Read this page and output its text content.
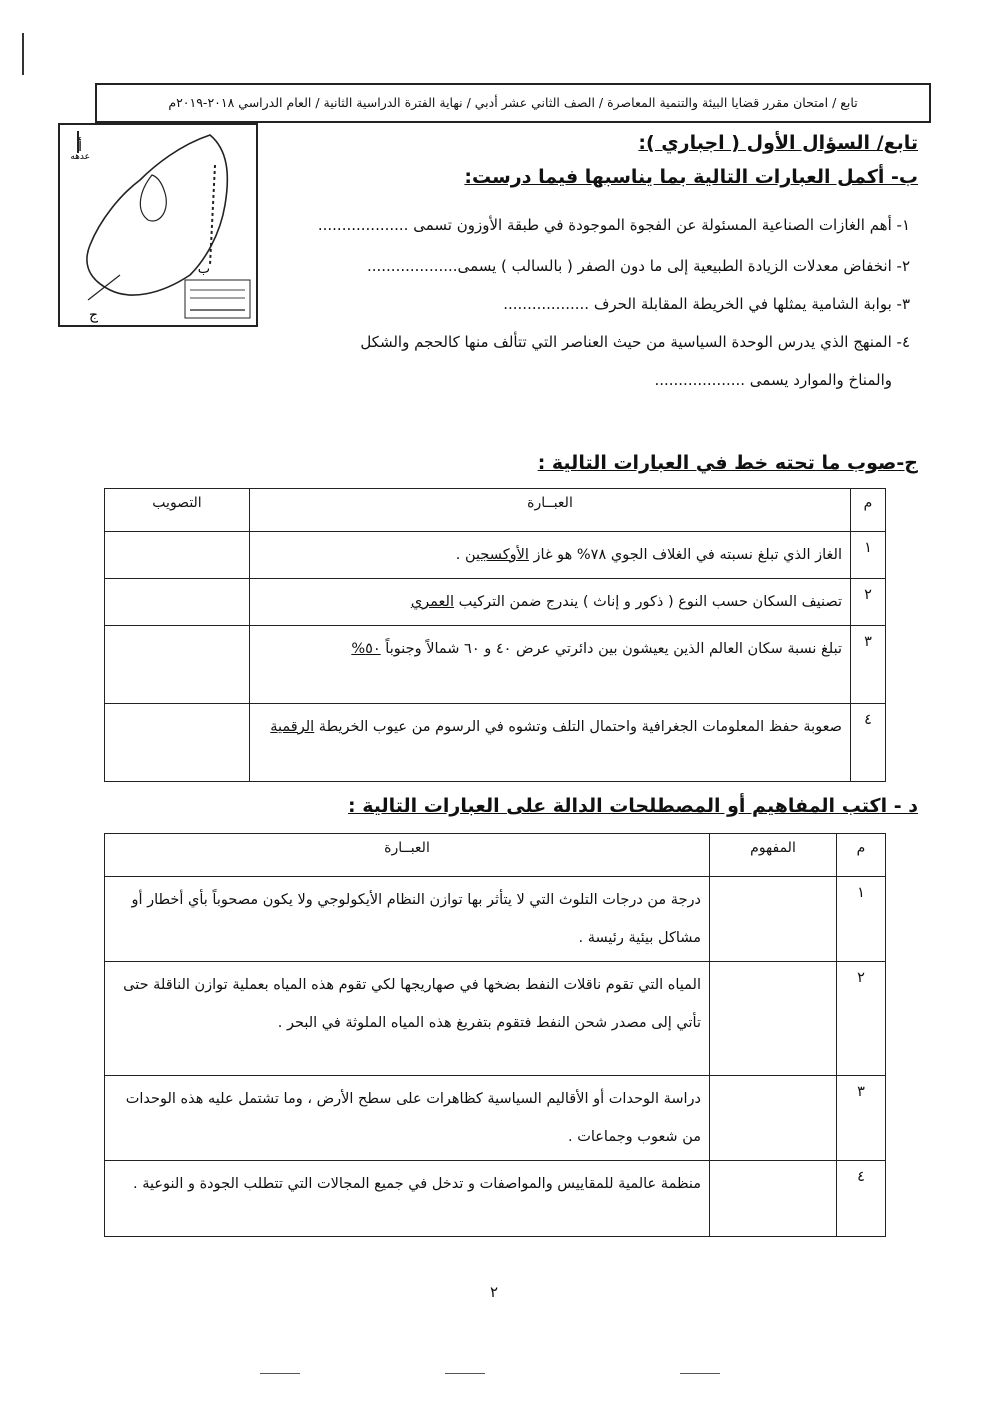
تابع / امتحان مقرر قضايا البيئة والتنمية المعاصرة / الصف الثاني عشر أدبي / نهاية الفترة الدراسية الثانية / العام الدراسي ٢٠١٨-٢٠١٩م
أ
عدهه
ب
ج
تابع/ السؤال الأول ( اجباري ):
ب- أكمل العبارات التالية بما يناسبها فيما درست:
١- أهم الغازات الصناعية المسئولة عن الفجوة الموجودة في طبقة الأوزون تسمى ...................
٢- انخفاض معدلات الزيادة الطبيعية إلى ما دون الصفر ( بالسالب ) يسمى...................
٣- بوابة الشامية يمثلها في الخريطة المقابلة الحرف ..................
٤- المنهج الذي يدرس الوحدة السياسية من حيث العناصر التي تتألف منها كالحجم والشكل
والمناخ والموارد يسمى ...................
ج-صوب ما تحته خط في العبارات التالية :
م	العبــارة	التصويب
١	الغاز الذي تبلغ نسبته في الغلاف الجوي ٧٨% هو غاز الأوكسجين .	
٢	تصنيف السكان حسب النوع ( ذكور و إناث ) يندرج ضمن التركيب العمري	
٣	تبلغ نسبة سكان العالم الذين يعيشون بين دائرتي عرض ٤٠ و ٦٠ شمالاً وجنوباً ٥٠%	
٤	صعوبة حفظ المعلومات الجغرافية واحتمال التلف وتشوه في الرسوم من عيوب الخريطة الرقمية	
د - اكتب المفاهيم أو المصطلحات الدالة على العبارات التالية :
م	المفهوم	العبــارة
١		درجة من درجات التلوث التي لا يتأثر بها توازن النظام الأيكولوجي ولا يكون مصحوباً بأي أخطار أو مشاكل بيئية رئيسة .
٢		المياه التي تقوم ناقلات النفط بضخها في صهاريجها لكي تقوم هذه المياه بعملية توازن الناقلة حتى تأتي إلى مصدر شحن النفط فتقوم بتفريغ هذه المياه الملوثة في البحر .
٣		دراسة الوحدات أو الأقاليم السياسية كظاهرات على سطح الأرض ، وما تشتمل عليه هذه الوحدات من شعوب وجماعات .
٤		منظمة عالمية للمقاييس والمواصفات و تدخل في جميع المجالات التي تتطلب الجودة و النوعية .
٢
